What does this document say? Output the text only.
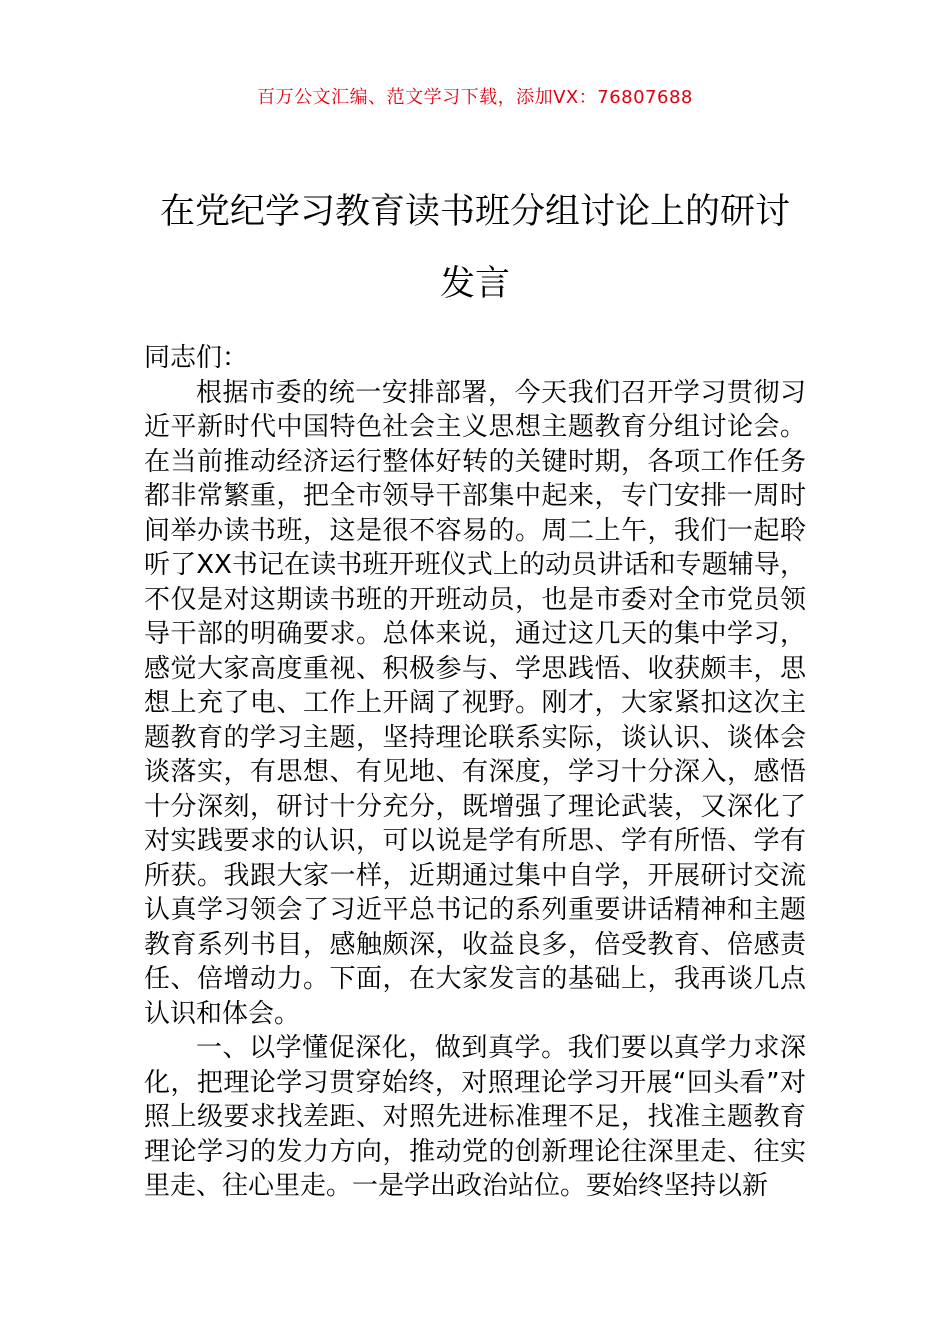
百万公文汇编、范文学习下载，添加VX：76807688
在党纪学习教育读书班分组讨论上的研讨
发言

同志们：

根据市委的统一安排部署，今天我们召开学习贯彻习近平新时代中国特色社会主义思想主题教育分组讨论会。在当前推动经济运行整体好转的关键时期，各项工作任务都非常繁重，把全市领导干部集中起来，专门安排一周时间举办读书班，这是很不容易的。周二上午，我们一起聆听了XX书记在读书班开班仪式上的动员讲话和专题辅导，不仅是对这期读书班的开班动员，也是市委对全市党员领导干部的明确要求。总体来说，通过这几天的集中学习，感觉大家高度重视、积极参与、学思践悟、收获颇丰，思想上充了电、工作上开阔了视野。刚才，大家紧扣这次主题教育的学习主题，坚持理论联系实际，谈认识、谈体会谈落实，有思想、有见地、有深度，学习十分深入，感悟十分深刻，研讨十分充分，既增强了理论武装，又深化了对实践要求的认识，可以说是学有所思、学有所悟、学有所获。我跟大家一样，近期通过集中自学，开展研讨交流认真学习领会了习近平总书记的系列重要讲话精神和主题教育系列书目，感触颇深，收益良多，倍受教育、倍感责任、倍增动力。下面，在大家发言的基础上，我再谈几点认识和体会。

一、以学懂促深化，做到真学。我们要以真学力求深化，把理论学习贯穿始终，对照理论学习开展“回头看”对照上级要求找差距、对照先进标准理不足，找准主题教育理论学习的发力方向，推动党的创新理论往深里走、往实里走、往心里走。一是学出政治站位。要始终坚持以新
